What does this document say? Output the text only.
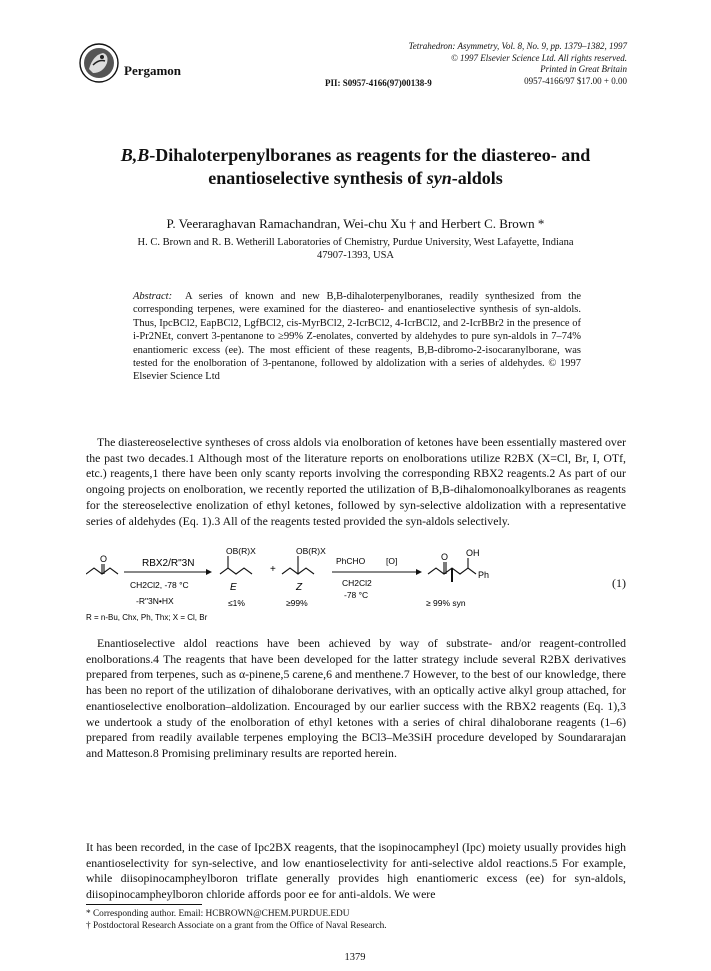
Pergamon
Tetrahedron: Asymmetry, Vol. 8, No. 9, pp. 1379–1382, 1997
© 1997 Elsevier Science Ltd. All rights reserved.
Printed in Great Britain
0957-4166/97 $17.00 + 0.00
PII: S0957-4166(97)00138-9
B,B-Dihaloterpenylboranes as reagents for the diastereo- and
enantioselective synthesis of syn-aldols
P. Veeraraghavan Ramachandran, Wei-chu Xu † and Herbert C. Brown *
H. C. Brown and R. B. Wetherill Laboratories of Chemistry, Purdue University, West Lafayette, Indiana
47907-1393, USA
Abstract: A series of known and new B,B-dihaloterpenylboranes, readily synthesized from the corresponding terpenes, were examined for the diastereo- and enantioselective synthesis of syn-aldols. Thus, IpcBCl2, EapBCl2, LgfBCl2, cis-MyrBCl2, 2-IcrBCl2, 4-IcrBCl2, and 2-IcrBBr2 in the presence of i-Pr2NEt, convert 3-pentanone to ≥99% Z-enolates, converted by aldehydes to pure syn-aldols in 7–74% enantiomeric excess (ee). The most efficient of these reagents, B,B-dibromo-2-isocaranylborane, was tested for the enolboration of 3-pentanone, followed by aldolization with a series of aldehydes. © 1997 Elsevier Science Ltd
The diastereoselective syntheses of cross aldols via enolboration of ketones have been essentially mastered over the past two decades.1 Although most of the literature reports on enolborations utilize R2BX (X=Cl, Br, I, OTf, etc.) reagents,1 there have been only scanty reports involving the corresponding RBX2 reagents.2 As part of our ongoing projects on enolboration, we recently reported the utilization of B,B-dihalomonoalkylboranes as reagents for the stereoselective enolization of ethyl ketones, followed by syn-selective aldolization with a representative series of aldehydes (Eq. 1).3 All of the reagents tested provided the syn-aldols selectively.
O	RBX2/R"3N
CH2Cl2, -78 °C
-R"3N•HX
OB(R)X
E
≤1%
+
OB(R)X
Z
≥99%
PhCHO [O]
CH2Cl2
-78 °C
O OH
Ph
≥ 99% syn
R = n-Bu, Chx, Ph, Thx; X = Cl, Br
(1)
Enantioselective aldol reactions have been achieved by way of substrate- and/or reagent-controlled enolborations.4 The reagents that have been developed for the latter strategy include several R2BX derivatives prepared from terpenes, such as α-pinene,5 carene,6 and menthene.7 However, to the best of our knowledge, there has been no report of the utilization of dihaloborane derivatives, with an optically active alkyl group attached, for enantioselective enolboration–aldolization. Encouraged by our earlier success with the RBX2 reagents (Eq. 1),3 we undertook a study of the enolboration of ethyl ketones with a series of chiral dihaloborane reagents (1–6) prepared from readily available terpenes employing the BCl3–Me3SiH procedure developed by Soundararajan and Matteson.8 Promising preliminary results are reported herein.
It has been recorded, in the case of Ipc2BX reagents, that the isopinocampheyl (Ipc) moiety usually provides high enantioselectivity for syn-selective, and low enantioselectivity for anti-selective aldol reactions.5 For example, while diisopinocampheylboron triflate generally provides high enantiomeric excess (ee) for syn-aldols, diisopinocampheylboron chloride affords poor ee for anti-aldols. We were
* Corresponding author. Email: HCBROWN@CHEM.PURDUE.EDU
† Postdoctoral Research Associate on a grant from the Office of Naval Research.
1379
